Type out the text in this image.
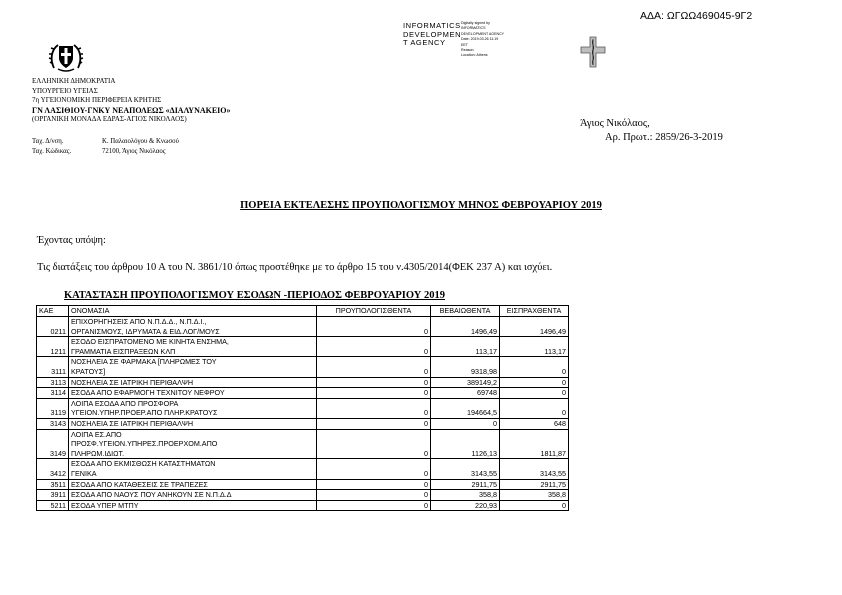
ΑΔΑ: ΩΓΩΩ469045-9Γ2
INFORMATICS
DEVELOPMEN
T AGENCY
Digitally signed by
INFORMATICS
DEVELOPMENT AGENCY
Date: 2019.03.26 11:19
EET
Reason:
Location: Athens
ΕΛΛΗΝΙΚΗ ΔΗΜΟΚΡΑΤΙΑ
ΥΠΟΥΡΓΕΙΟ ΥΓΕΙΑΣ
7η ΥΓΕΙΟΝΟΜΙΚΗ ΠΕΡΙΦΕΡΕΙΑ ΚΡΗΤΗΣ
ΓΝ ΛΑΣΙΘΙΟΥ-ΓΝΚΥ ΝΕΑΠΟΛΕΩΣ «ΔΙΑΛΥΝΑΚΕΙΟ»
(ΟΡΓΑΝΙΚΗ ΜΟΝΑΔΑ ΕΔΡΑΣ-ΑΓΙΟΣ ΝΙΚΟΛΑΟΣ)
Ταχ. Δ/νση.	Κ. Παλαιολόγου & Κνωσού
Ταχ. Κώδικας.	72100, Άγιος Νικόλαος
Άγιος Νικόλαος,
Αρ. Πρωτ.: 2859/26-3-2019
ΠΟΡΕΙΑ ΕΚΤΕΛΕΣΗΣ ΠΡΟΥΠΟΛΟΓΙΣΜΟΥ ΜΗΝΟΣ ΦΕΒΡΟΥΑΡΙΟΥ 2019
Έχοντας υπόψη:
Τις διατάξεις του άρθρου 10 Α του Ν. 3861/10 όπως προστέθηκε με το άρθρο 15 του ν.4305/2014(ΦΕΚ 237 Α) και ισχύει.
ΚΑΤΑΣΤΑΣΗ ΠΡΟΥΠΟΛΟΓΙΣΜΟΥ ΕΣΟΔΩΝ -ΠΕΡΙΟΔΟΣ ΦΕΒΡΟΥΑΡΙΟΥ 2019
ΚΑΕ	ΟΝΟΜΑΣΙΑ	ΠΡΟΥΠΟΛΟΓΙΣΘΕΝΤΑ	ΒΕΒΑΙΩΘΕΝΤΑ	ΕΙΣΠΡΑΧΘΕΝΤΑ
0211	ΕΠΙΧΟΡΗΓΗΣΕΙΣ ΑΠΟ Ν.Π.Δ.Δ., Ν.Π.Δ.Ι.,
ΟΡΓΑΝΙΣΜΟΥΣ, ΙΔΡΥΜΑΤΑ & ΕΙΔ.ΛΟΓ/ΜΟΥΣ	0	1496,49	1496,49
1211	ΕΣΟΔΟ ΕΙΣΠΡΑΤΟΜΕΝΟ ΜΕ ΚΙΝΗΤΑ ΕΝΣΗΜΑ,
ΓΡΑΜΜΑΤΙΑ ΕΙΣΠΡΑΞΕΩΝ ΚΛΠ	0	113,17	113,17
3111	ΝΟΣΗΛΕΙΑ ΣΕ ΦΑΡΜΑΚΑ [ΠΛΗΡΩΜΕΣ ΤΟΥ
ΚΡΑΤΟΥΣ]	0	9318,98	0
3113	ΝΟΣΗΛΕΙΑ ΣΕ ΙΑΤΡΙΚΗ ΠΕΡΙΘΑΛΨΗ	0	389149,2	0
3114	ΕΣΟΔΑ ΑΠΟ ΕΦΑΡΜΟΓΗ ΤΕΧΝΙΤΟΥ ΝΕΦΡΟΥ	0	69748	0
3119	ΛΟΙΠΑ ΕΣΟΔΑ ΑΠΟ ΠΡΟΣΦΟΡΑ
ΥΓΕΙΟΝ.ΥΠΗΡ.ΠΡΟΕΡ.ΑΠΟ ΠΛΗΡ.ΚΡΑΤΟΥΣ	0	194664,5	0
3143	ΝΟΣΗΛΕΙΑ ΣΕ ΙΑΤΡΙΚΗ ΠΕΡΙΘΑΛΨΗ	0	0	648
3149	ΛΟΙΠΑ ΕΣ.ΑΠΟ
ΠΡΟΣΦ.ΥΓΕΙΟΝ.ΥΠΗΡΕΣ.ΠΡΟΕΡΧΟΜ.ΑΠΟ
ΠΛΗΡΩΜ.ΙΔΙΩΤ.	0	1126,13	1811,87
3412	ΕΣΟΔΑ ΑΠΟ ΕΚΜΙΣΘΩΣΗ ΚΑΤΑΣΤΗΜΑΤΩΝ
ΓΕΝΙΚΑ	0	3143,55	3143,55
3511	ΕΣΟΔΑ ΑΠΟ ΚΑΤΑΘΕΣΕΙΣ ΣΕ ΤΡΑΠΕΖΕΣ	0	2911,75	2911,75
3911	ΕΣΟΔΑ ΑΠΟ ΝΑΟΥΣ ΠΟΥ ΑΝΗΚΟΥΝ ΣΕ Ν.Π.Δ.Δ	0	358,8	358,8
5211	ΕΣΟΔΑ ΥΠΕΡ ΜΤΠΥ	0	220,93	0
